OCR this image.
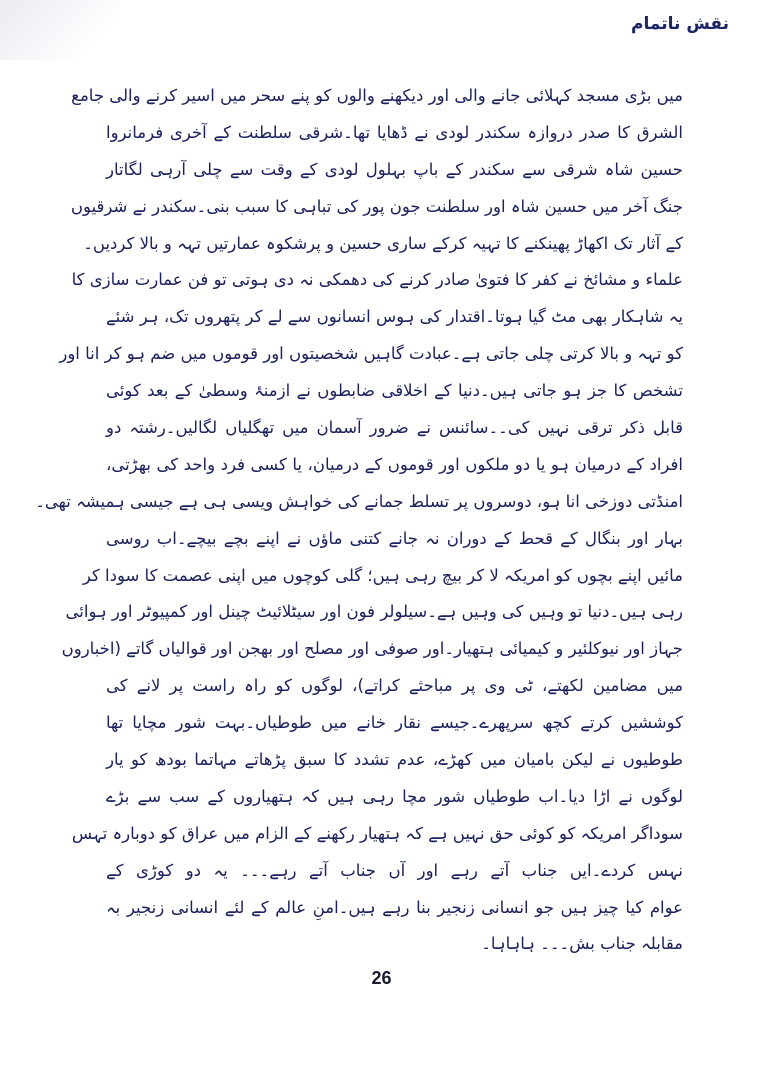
نقش ناتمام
میں بڑی مسجد کہلائی جانے والی اور دیکھنے والوں کو پنے سحر میں اسیر کرنے والی جامع
الشرق کا صدر دروازہ سکندر لودی نے ڈھایا تھا۔شرقی سلطنت کے آخری فرمانروا
حسین شاہ شرقی سے سکندر کے باپ بہلول لودی کے وقت سے چلی آرہی لگاتار
جنگ آخر میں حسین شاہ اور سلطنت جون پور کی تباہی کا سبب بنی۔سکندر نے شرقیوں
کے آثار تک اکھاڑ پھینکنے کا تہیہ کرکے ساری حسین و پرشکوہ عمارتیں تہہ و بالا کردیں۔
علماء و مشائخ نے کفر کا فتویٰ صادر کرنے کی دھمکی نہ دی ہوتی تو فن عمارت سازی کا
یہ شاہکار بھی مٹ گیا ہوتا۔اقتدار کی ہوس انسانوں سے لے کر پتھروں تک، ہر شئے
کو تہہ و بالا کرتی چلی جاتی ہے۔عبادت گاہیں شخصیتوں اور قوموں میں ضم ہو کر انا اور
تشخص کا جز ہو جاتی ہیں۔دنیا کے اخلاقی ضابطوں نے ازمنۂ وسطیٰ کے بعد کوئی
قابل ذکر ترقی نہیں کی۔۔سائنس نے ضرور آسمان میں تھگلیاں لگالیں۔رشتہ دو
افراد کے درمیان ہو یا دو ملکوں اور قوموں کے درمیان، یا کسی فرد واحد کی بھڑتی،
امنڈتی دوزخی انا ہو، دوسروں پر تسلط جمانے کی خواہش ویسی ہی ہے جیسی ہمیشہ تھی۔
بہار اور بنگال کے قحط کے دوران نہ جانے کتنی ماؤں نے اپنے بچے بیچے۔اب روسی
مائیں اپنے بچوں کو امریکہ لا کر بیچ رہی ہیں؛ گلی کوچوں میں اپنی عصمت کا سودا کر
رہی ہیں۔دنیا تو وہیں کی وہیں ہے۔سیلولر فون اور سیٹلائیٹ چینل اور کمپیوٹر اور ہوائی
جہاز اور نیوکلئیر و کیمیائی ہتھیار۔اور صوفی اور مصلح اور بھجن اور قوالیاں گاتے (اخباروں
میں مضامین لکھتے، ٹی وی پر مباحثے کراتے)، لوگوں کو راہ راست پر لانے کی
کوششیں کرتے کچھ سرپھرے۔جیسے نقار خانے میں طوطیاں۔بہت شور مچایا تھا
طوطیوں نے لیکن بامیان میں کھڑے، عدم تشدد کا سبق پڑھاتے مہاتما بودھ کو یار
لوگوں نے اڑا دیا۔اب طوطیاں شور مچا رہی ہیں کہ ہتھیاروں کے سب سے بڑے
سوداگر امریکہ کو کوئی حق نہیں ہے کہ ہتھیار رکھنے کے الزام میں عراق کو دوبارہ تہس
نہس کردے۔ایں جناب آتے رہے اور آں جناب آتے رہے۔۔۔ یہ دو کوڑی کے
عوام کیا چیز ہیں جو انسانی زنجیر بنا رہے ہیں۔امنِ عالم کے لئے انسانی زنجیر بہ
مقابلہ جناب بش۔۔۔ ہاہاہا۔
26
